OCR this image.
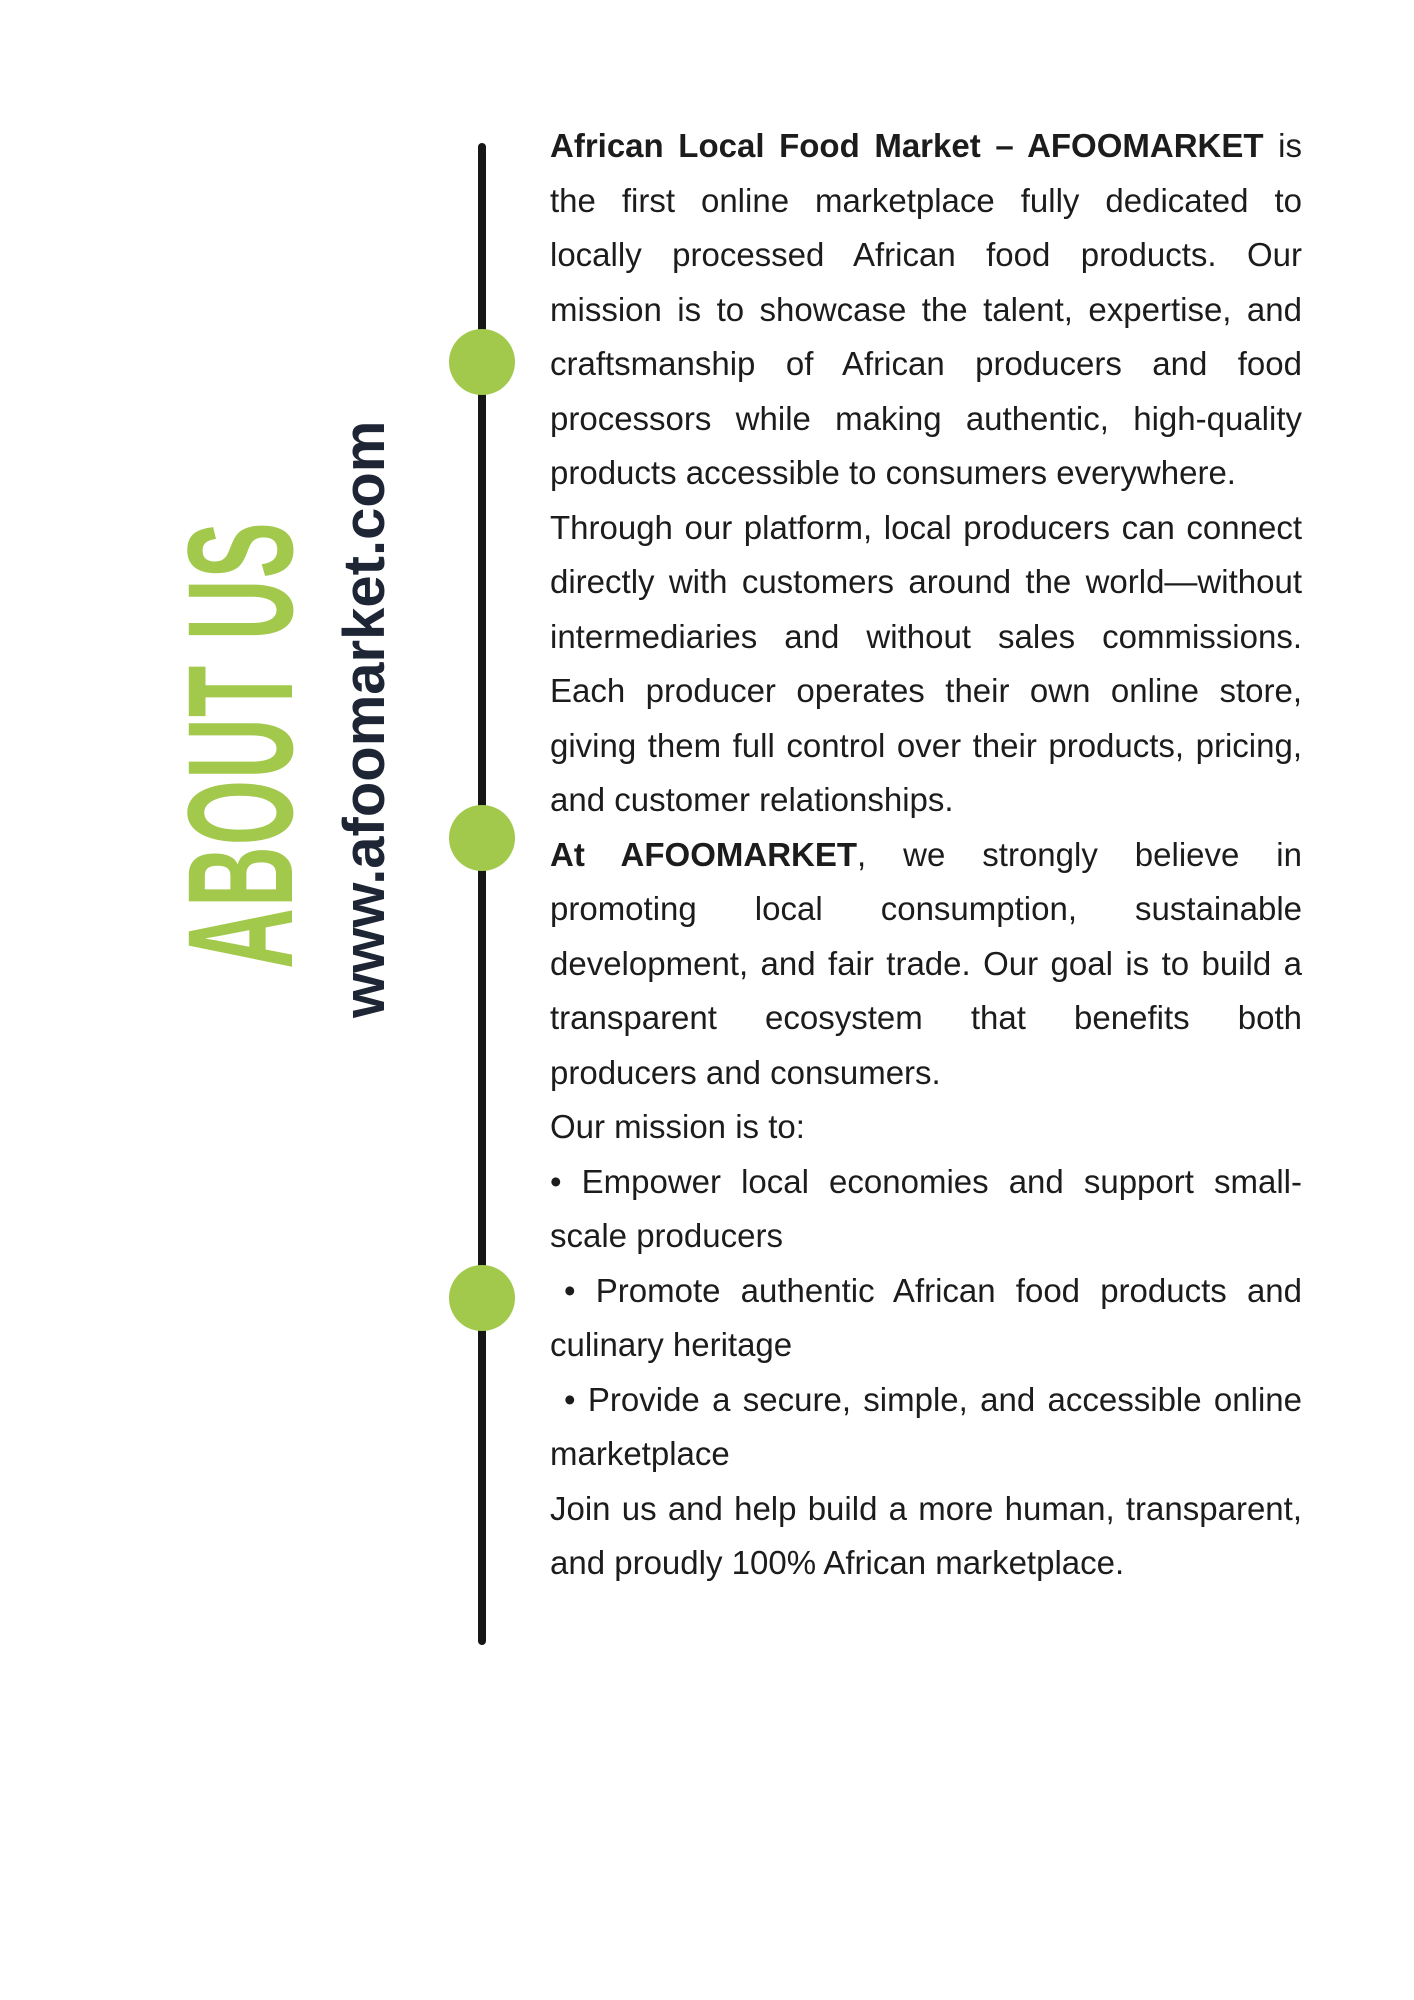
ABOUT US www.afoomarket.com

African Local Food Market – AFOOMARKET is the first online marketplace fully dedicated to locally processed African food products. Our mission is to showcase the talent, expertise, and craftsmanship of African producers and food processors while making authentic, high-quality products accessible to consumers everywhere.

Through our platform, local producers can connect directly with customers around the world—without intermediaries and without sales commissions. Each producer operates their own online store, giving them full control over their products, pricing, and customer relationships.

At AFOOMARKET, we strongly believe in promoting local consumption, sustainable development, and fair trade. Our goal is to build a transparent ecosystem that benefits both producers and consumers.

Our mission is to:

• Empower local economies and support small-scale producers

• Promote authentic African food products and culinary heritage

• Provide a secure, simple, and accessible online marketplace

Join us and help build a more human, transparent, and proudly 100% African marketplace.
